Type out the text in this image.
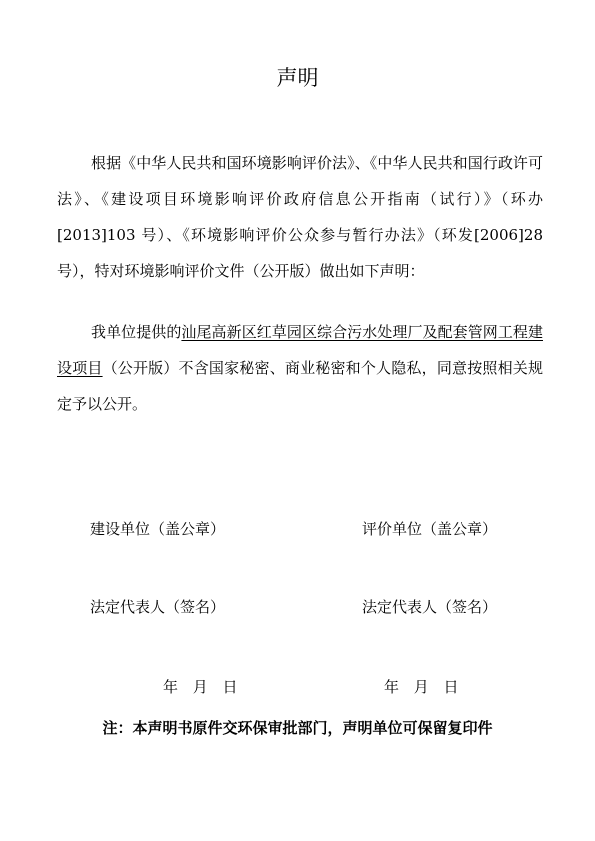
声明

根据《中华人民共和国环境影响评价法》、《中华人民共和国行政许可法》、《建设项目环境影响评价政府信息公开指南（试行）》（环办[2013]103 号）、《环境影响评价公众参与暂行办法》（环发[2006]28 号），特对环境影响评价文件（公开版）做出如下声明：

我单位提供的汕尾高新区红草园区综合污水处理厂及配套管网工程建设项目（公开版）不含国家秘密、商业秘密和个人隐私，同意按照相关规定予以公开。

建设单位（盖公章）	评价单位（盖公章）
法定代表人（签名）	法定代表人（签名）
年 月 日	年 月 日
注：本声明书原件交环保审批部门，声明单位可保留复印件
